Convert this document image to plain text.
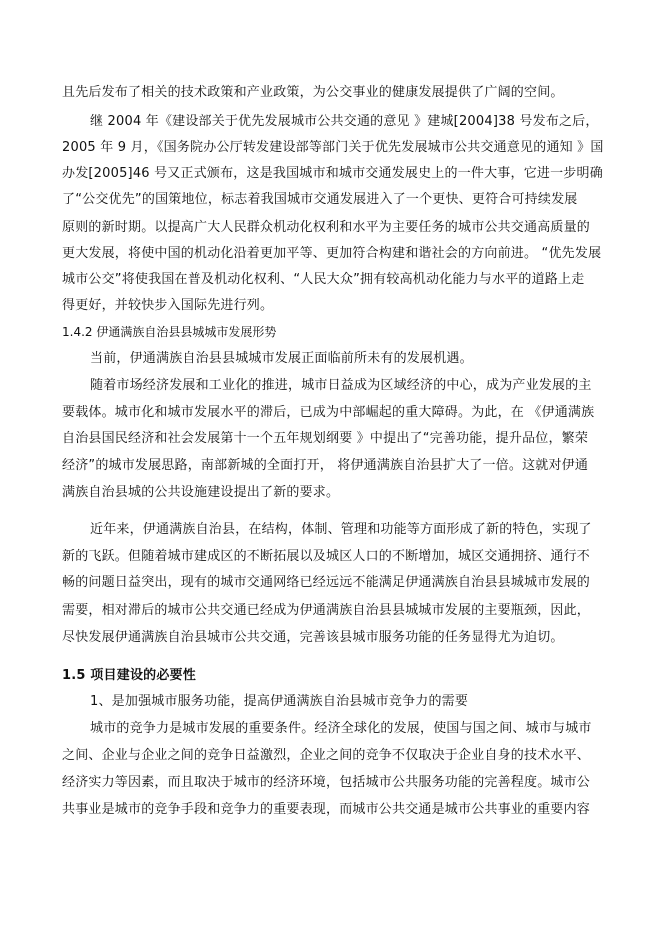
且先后发布了相关的技术政策和产业政策，为公交事业的健康发展提供了广阔的空间。
继 2004 年《建设部关于优先发展城市公共交通的意见 》建城[2004]38 号发布之后，
2005 年 9 月，《国务院办公厅转发建设部等部门关于优先发展城市公共交通意见的通知 》国
办发[2005]46 号又正式颁布，这是我国城市和城市交通发展史上的一件大事，它进一步明确
了“公交优先”的国策地位，标志着我国城市交通发展进入了一个更快、更符合可持续发展
原则的新时期。以提高广大人民群众机动化权利和水平为主要任务的城市公共交通高质量的
更大发展，将使中国的机动化沿着更加平等、更加符合构建和谐社会的方向前进。 “优先发展
城市公交”将使我国在普及机动化权利、“人民大众”拥有较高机动化能力与水平的道路上走
得更好，并较快步入国际先进行列。
1.4.2 伊通满族自治县县城城市发展形势
当前，伊通满族自治县县城城市发展正面临前所未有的发展机遇。
随着市场经济发展和工业化的推进，城市日益成为区域经济的中心，成为产业发展的主
要载体。城市化和城市发展水平的滞后，已成为中部崛起的重大障碍。为此，在 《伊通满族
自治县国民经济和社会发展第十一个五年规划纲要 》中提出了“完善功能，提升品位，繁荣
经济”的城市发展思路，南部新城的全面打开， 将伊通满族自治县扩大了一倍。这就对伊通
满族自治县城的公共设施建设提出了新的要求。
近年来，伊通满族自治县，在结构，体制、管理和功能等方面形成了新的特色，实现了
新的飞跃。但随着城市建成区的不断拓展以及城区人口的不断增加，城区交通拥挤、通行不
畅的问题日益突出，现有的城市交通网络已经远远不能满足伊通满族自治县县城城市发展的
需要，相对滞后的城市公共交通已经成为伊通满族自治县县城城市发展的主要瓶颈，因此，
尽快发展伊通满族自治县城市公共交通，完善该县城市服务功能的任务显得尤为迫切。
1.5 项目建设的必要性
1、是加强城市服务功能，提高伊通满族自治县城市竞争力的需要
城市的竞争力是城市发展的重要条件。经济全球化的发展，使国与国之间、城市与城市
之间、企业与企业之间的竞争日益激烈，企业之间的竞争不仅取决于企业自身的技术水平、
经济实力等因素，而且取决于城市的经济环境，包括城市公共服务功能的完善程度。城市公
共事业是城市的竞争手段和竞争力的重要表现，而城市公共交通是城市公共事业的重要内容
